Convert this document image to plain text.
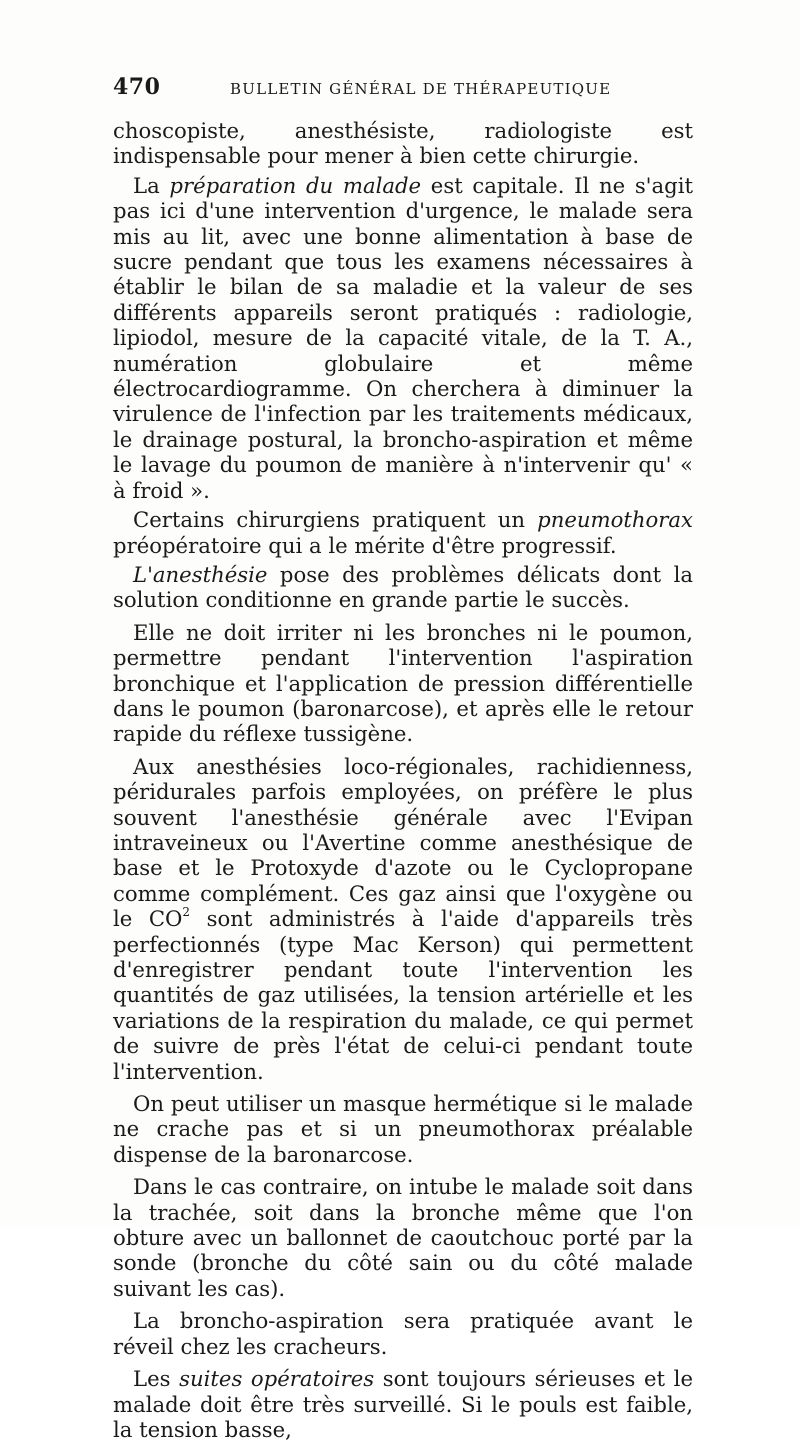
470	BULLETIN GÉNÉRAL DE THÉRAPEUTIQUE

choscopiste, anesthésiste, radiologiste est indispensable pour mener à bien cette chirurgie.

La préparation du malade est capitale. Il ne s'agit pas ici d'une intervention d'urgence, le malade sera mis au lit, avec une bonne alimentation à base de sucre pendant que tous les examens nécessaires à établir le bilan de sa maladie et la valeur de ses différents appareils seront pratiqués : radiologie, lipiodol, mesure de la capacité vitale, de la T. A., numération globulaire et même électrocardiogramme. On cherchera à diminuer la virulence de l'infection par les traitements médicaux, le drainage postural, la broncho-aspiration et même le lavage du poumon de manière à n'intervenir qu' « à froid ».

Certains chirurgiens pratiquent un pneumothorax préopératoire qui a le mérite d'être progressif.

L'anesthésie pose des problèmes délicats dont la solution conditionne en grande partie le succès.

Elle ne doit irriter ni les bronches ni le poumon, permettre pendant l'intervention l'aspiration bronchique et l'application de pression différentielle dans le poumon (baronarcose), et après elle le retour rapide du réflexe tussigène.

Aux anesthésies loco-régionales, rachidienness, péridurales parfois employées, on préfère le plus souvent l'anesthésie générale avec l'Evipan intraveineux ou l'Avertine comme anesthésique de base et le Protoxyde d'azote ou le Cyclopropane comme complément. Ces gaz ainsi que l'oxygène ou le $CO^2$ sont administrés à l'aide d'appareils très perfectionnés (type Mac Kerson) qui permettent d'enregistrer pendant toute l'intervention les quantités de gaz utilisées, la tension artérielle et les variations de la respiration du malade, ce qui permet de suivre de près l'état de celui-ci pendant toute l'intervention.

On peut utiliser un masque hermétique si le malade ne crache pas et si un pneumothorax préalable dispense de la baronarcose.

Dans le cas contraire, on intube le malade soit dans la trachée, soit dans la bronche même que l'on obture avec un ballonnet de caoutchouc porté par la sonde (bronche du côté sain ou du côté malade suivant les cas).

La broncho-aspiration sera pratiquée avant le réveil chez les cracheurs.

Les suites opératoires sont toujours sérieuses et le malade doit être très surveillé. Si le pouls est faible, la tension basse,
